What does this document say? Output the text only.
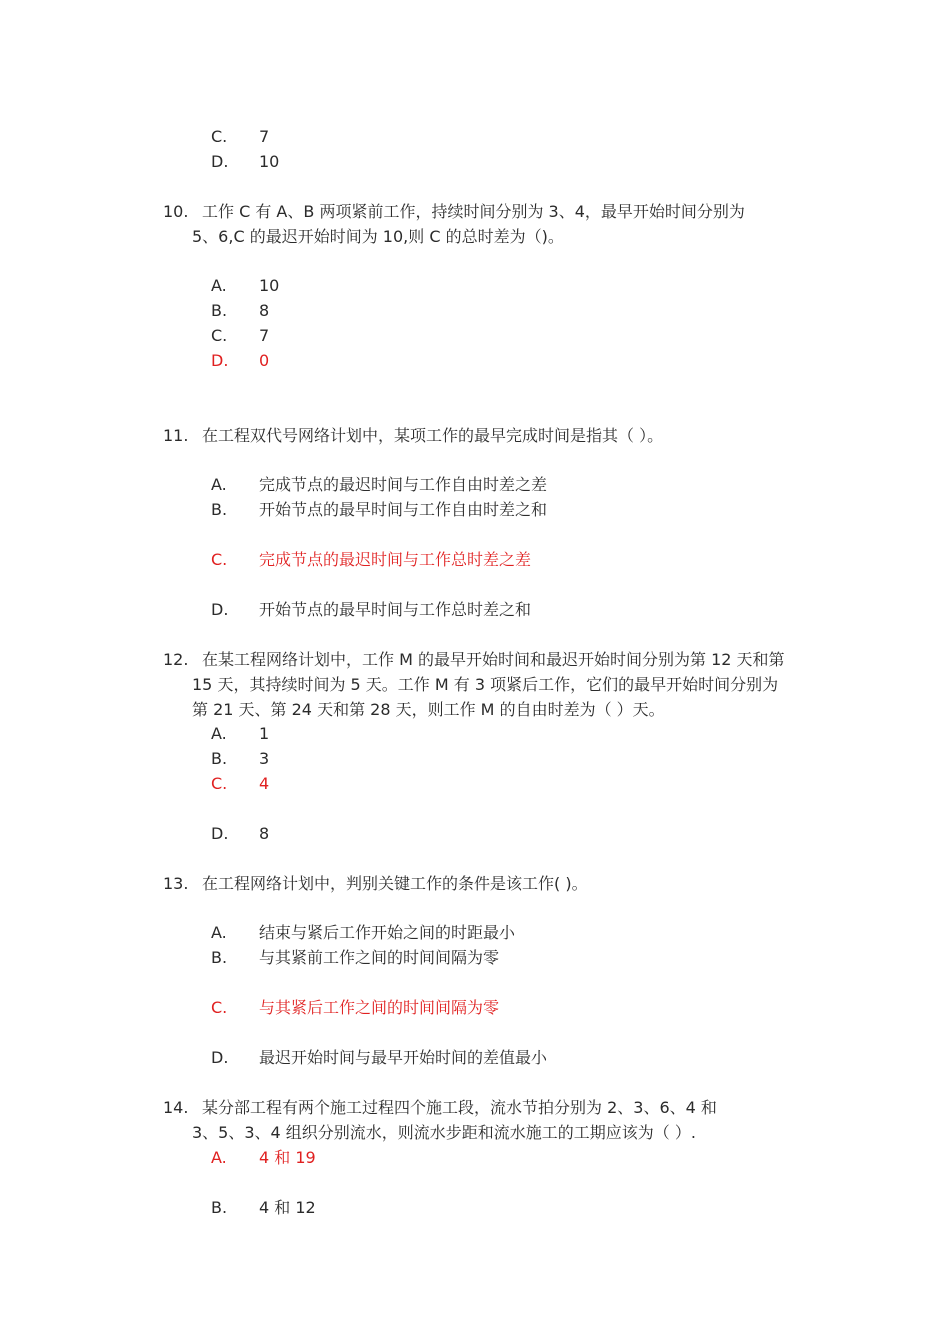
C. 7
D. 10
10. 工作 C 有 A、B 两项紧前工作，持续时间分别为 3、4，最早开始时间分别为
5、6,C 的最迟开始时间为 10,则 C 的总时差为（)。
A. 10
B. 8
C. 7
D. 0
11. 在工程双代号网络计划中，某项工作的最早完成时间是指其（ ）。
A. 完成节点的最迟时间与工作自由时差之差
B. 开始节点的最早时间与工作自由时差之和
C. 完成节点的最迟时间与工作总时差之差
D. 开始节点的最早时间与工作总时差之和
12. 在某工程网络计划中，工作 M 的最早开始时间和最迟开始时间分别为第 12 天和第
15 天，其持续时间为 5 天。工作 M 有 3 项紧后工作，它们的最早开始时间分别为
第 21 天、第 24 天和第 28 天，则工作 M 的自由时差为（ ）天。
A. 1
B. 3
C. 4
D. 8
13. 在工程网络计划中，判别关键工作的条件是该工作( )。
A. 结束与紧后工作开始之间的时距最小
B. 与其紧前工作之间的时间间隔为零
C. 与其紧后工作之间的时间间隔为零
D. 最迟开始时间与最早开始时间的差值最小
14. 某分部工程有两个施工过程四个施工段，流水节拍分别为 2、3、6、4 和
3、5、3、4 组织分别流水，则流水步距和流水施工的工期应该为（ ）.
A. 4 和 19
B. 4 和 12
